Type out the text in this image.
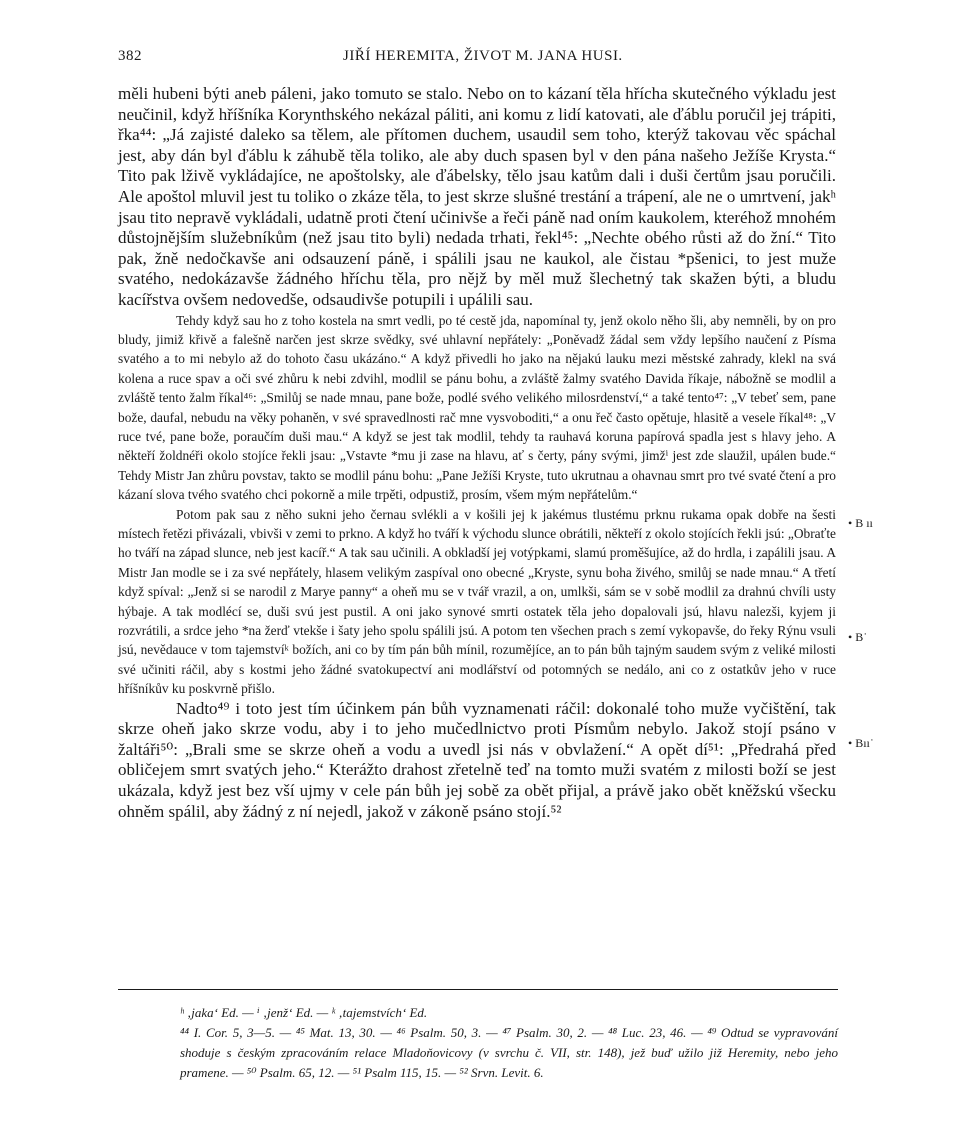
382	JIŘÍ HEREMITA, ŽIVOT M. JANA HUSI.

měli hubeni býti aneb páleni, jako tomuto se stalo. Nebo on to kázaní těla hřícha skutečného výkladu jest neučinil, když hříšníka Korynthského nekázal páliti, ani komu z lidí katovati, ale ďáblu poručil jej trápiti, řka⁴⁴: „Já zajisté daleko sa tělem, ale přítomen duchem, usaudil sem toho, kterýž takovau věc spáchal jest, aby dán byl ďáblu k záhubě těla toliko, ale aby duch spasen byl v den pána našeho Ježíše Krysta.“ Tito pak lživě vykládajíce, ne apoštolsky, ale ďábelsky, tělo jsau katům dali i duši čertům jsau poručili. Ale apoštol mluvil jest tu toliko o zkáze těla, to jest skrze slušné trestání a trápení, ale ne o umrtvení, jakʰ jsau tito nepravě vykládali, udatně proti čtení učinivše a řeči páně nad oním kaukolem, kteréhož mnohém důstojnějším služebníkům (než jsau tito byli) nedada trhati, řekl⁴⁵: „Nechte obého růsti až do žní.“ Tito pak, žně nedočkavše ani odsauzení páně, i spálili jsau ne kaukol, ale čistau *pšenici, to jest muže svatého, nedokázavše žádného hříchu těla, pro nějž by měl muž šlechetný tak skažen býti, a bludu kacířstva ovšem nedovedše, odsaudivše potupili i upálili sau.

Tehdy když sau ho z toho kostela na smrt vedli, po té cestě jda, napomínal ty, jenž okolo něho šli, aby nemněli, by on pro bludy, jimiž křivě a falešně narčen jest skrze svědky, své uhlavní nepřátely: „Poněvadž žádal sem vždy lepšího naučení z Písma svatého a to mi nebylo až do tohoto času ukázáno.“ A když přivedli ho jako na nějakú lauku mezi městské zahrady, klekl na svá kolena a ruce spav a oči své zhůru k nebi zdvihl, modlil se pánu bohu, a zvláště žalmy svatého Davida říkaje, nábožně se modlil a zvláště tento žalm říkal⁴⁶: „Smilůj se nade mnau, pane bože, podlé svého velikého milosrdenství,“ a také tento⁴⁷: „V tebeť sem, pane bože, daufal, nebudu na věky pohaněn, v své spravedlnosti rač mne vysvoboditi,“ a onu řeč často opětuje, hlasitě a vesele říkal⁴⁸: „V ruce tvé, pane bože, poraučím duši mau.“ A když se jest tak modlil, tehdy ta rauhavá koruna papírová spadla jest s hlavy jeho. A někteří žoldnéři okolo stojíce řekli jsau: „Vstavte *mu ji zase na hlavu, ať s čerty, pány svými, jimžⁱ jest zde slaužil, upálen bude.“ Tehdy Mistr Jan zhůru povstav, takto se modlil pánu bohu: „Pane Ježíši Kryste, tuto ukrutnau a ohavnau smrt pro tvé svaté čtení a pro kázaní slova tvého svatého chci pokorně a mile trpěti, odpustiž, prosím, všem mým nepřátelům.“

Potom pak sau z něho sukni jeho černau svlékli a v košili jej k jakémus tlustému prknu rukama opak dobře na šesti místech řetězi přivázali, vbivši v zemi to prkno. A když ho tváří k východu slunce obrátili, někteří z okolo stojících řekli jsú: „Obraťte ho tváří na západ slunce, neb jest kacíř.“ A tak sau učinili. A obkladší jej votýpkami, slamú proměšujíce, až do hrdla, i zapálili jsau. A Mistr Jan modle se i za své nepřátely, hlasem velikým zaspíval ono obecné „Kryste, synu boha živého, smilůj se nade mnau.“ A třetí když spíval: „Jenž si se narodil z Marye panny“ a oheň mu se v tvář vrazil, a on, umlkši, sám se v sobě modlil za drahnú chvíli usty hýbaje. A tak modlécí se, duši svú jest pustil. A oni jako synové smrti ostatek těla jeho dopalovali jsú, hlavu nalezši, kyjem ji rozvrátili, a srdce jeho *na žerď vtekše i šaty jeho spolu spálili jsú. A potom ten všechen prach s zemí vykopavše, do řeky Rýnu vsuli jsú, nevědauce v tom tajemstvíᵏ božích, ani co by tím pán bůh mínil, rozumějíce, an to pán bůh tajným saudem svým z veliké milosti své učiniti ráčil, aby s kostmi jeho žádné svatokupectví ani modlářství od potomných se nedálo, ani co z ostatkův jeho v ruce hříšníkův ku poskvrně přišlo.

Nadto⁴⁹ i toto jest tím účinkem pán bůh vyznamenati ráčil: dokonalé toho muže vyčištění, tak skrze oheň jako skrze vodu, aby i to jeho mučedlnictvo proti Písmům nebylo. Jakož stojí psáno v žaltáři⁵⁰: „Brali sme se skrze oheň a vodu a uvedl jsi nás v obvlažení.“ A opět dí⁵¹: „Předrahá před obličejem smrt svatých jeho.“ Kterážto drahost zřetelně teď na tomto muži svatém z milosti boží se jest ukázala, když jest bez vší ujmy v cele pán bůh jej sobě za obět přijal, a právě jako obět kněžskú všecku ohněm spálil, aby žádný z ní nejedl, jakož v zákoně psáno stojí.⁵²

• B˙
• B ıı
• Bıı˙

ʰ ‚jaka‘ Ed. — ⁱ ‚jenž‘ Ed. — ᵏ ‚tajemstvích‘ Ed.

⁴⁴ I. Cor. 5, 3—5. — ⁴⁵ Mat. 13, 30. — ⁴⁶ Psalm. 50, 3. — ⁴⁷ Psalm. 30, 2. — ⁴⁸ Luc. 23, 46. — ⁴⁹ Odtud se vypravování shoduje s českým zpracováním relace Mladoňovicovy (v svrchu č. VII, str. 148), jež buď užilo již Heremity, nebo jeho pramene. — ⁵⁰ Psalm. 65, 12. — ⁵¹ Psalm 115, 15. — ⁵² Srvn. Levit. 6.
